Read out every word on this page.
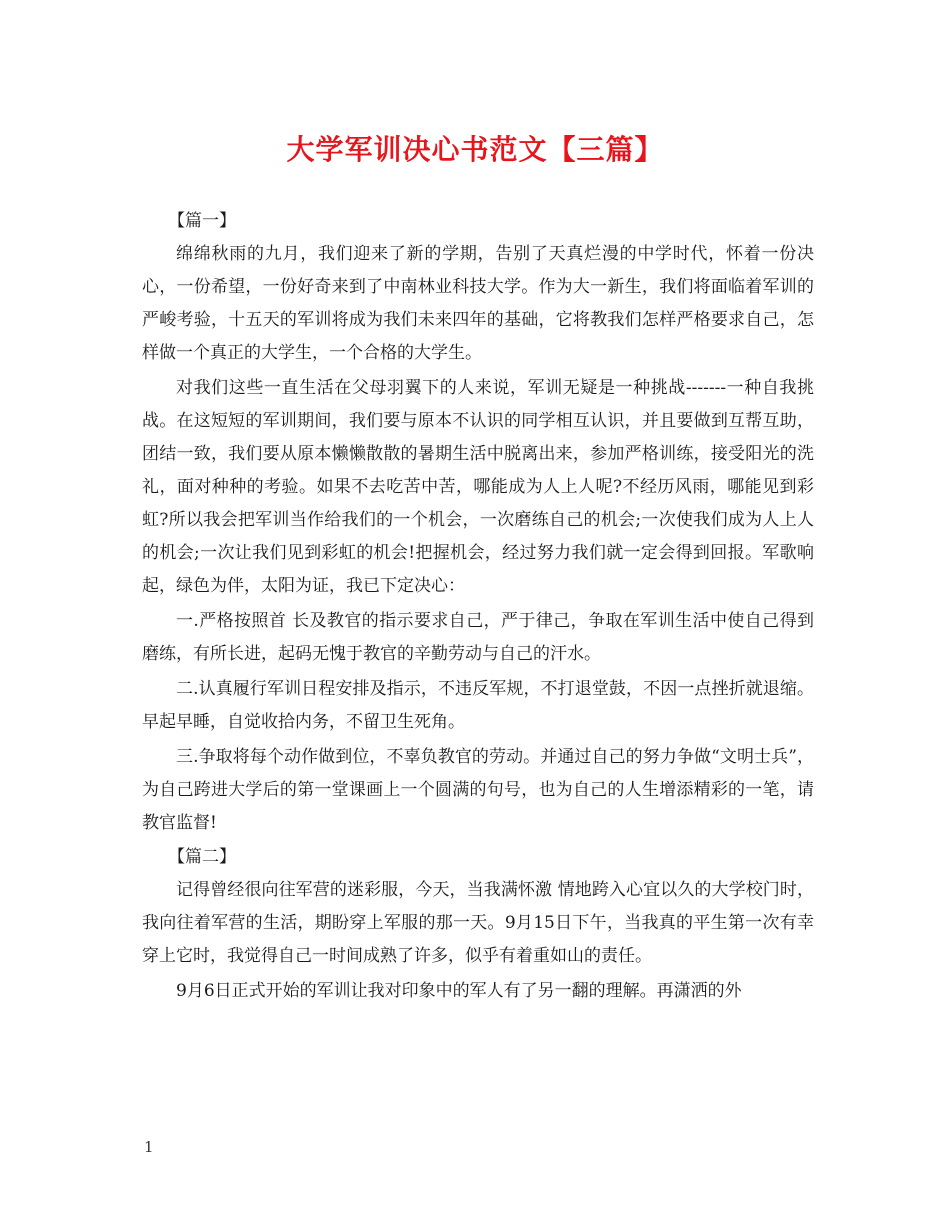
大学军训决心书范文【三篇】

【篇一】

绵绵秋雨的九月，我们迎来了新的学期，告别了天真烂漫的中学时代，怀着一份决心，一份希望，一份好奇来到了中南林业科技大学。作为大一新生，我们将面临着军训的严峻考验，十五天的军训将成为我们未来四年的基础，它将教我们怎样严格要求自己，怎样做一个真正的大学生，一个合格的大学生。

对我们这些一直生活在父母羽翼下的人来说，军训无疑是一种挑战-------一种自我挑战。在这短短的军训期间，我们要与原本不认识的同学相互认识，并且要做到互帮互助，团结一致，我们要从原本懒懒散散的暑期生活中脱离出来，参加严格训练，接受阳光的洗礼，面对种种的考验。如果不去吃苦中苦，哪能成为人上人呢?不经历风雨，哪能见到彩虹?所以我会把军训当作给我们的一个机会，一次磨练自己的机会;一次使我们成为人上人的机会;一次让我们见到彩虹的机会!把握机会，经过努力我们就一定会得到回报。军歌响起，绿色为伴，太阳为证，我已下定决心：

一.严格按照首 长及教官的指示要求自己，严于律己，争取在军训生活中使自己得到磨练，有所长进，起码无愧于教官的辛勤劳动与自己的汗水。

二.认真履行军训日程安排及指示，不违反军规，不打退堂鼓，不因一点挫折就退缩。早起早睡，自觉收拾内务，不留卫生死角。

三.争取将每个动作做到位，不辜负教官的劳动。并通过自己的努力争做“文明士兵”，为自己跨进大学后的第一堂课画上一个圆满的句号，也为自己的人生增添精彩的一笔，请教官监督!

【篇二】

记得曾经很向往军营的迷彩服，今天，当我满怀激 情地跨入心宜以久的大学校门时，我向往着军营的生活，期盼穿上军服的那一天。9月15日下午，当我真的平生第一次有幸穿上它时，我觉得自己一时间成熟了许多，似乎有着重如山的责任。

9月6日正式开始的军训让我对印象中的军人有了另一翻的理解。再潇洒的外

1
